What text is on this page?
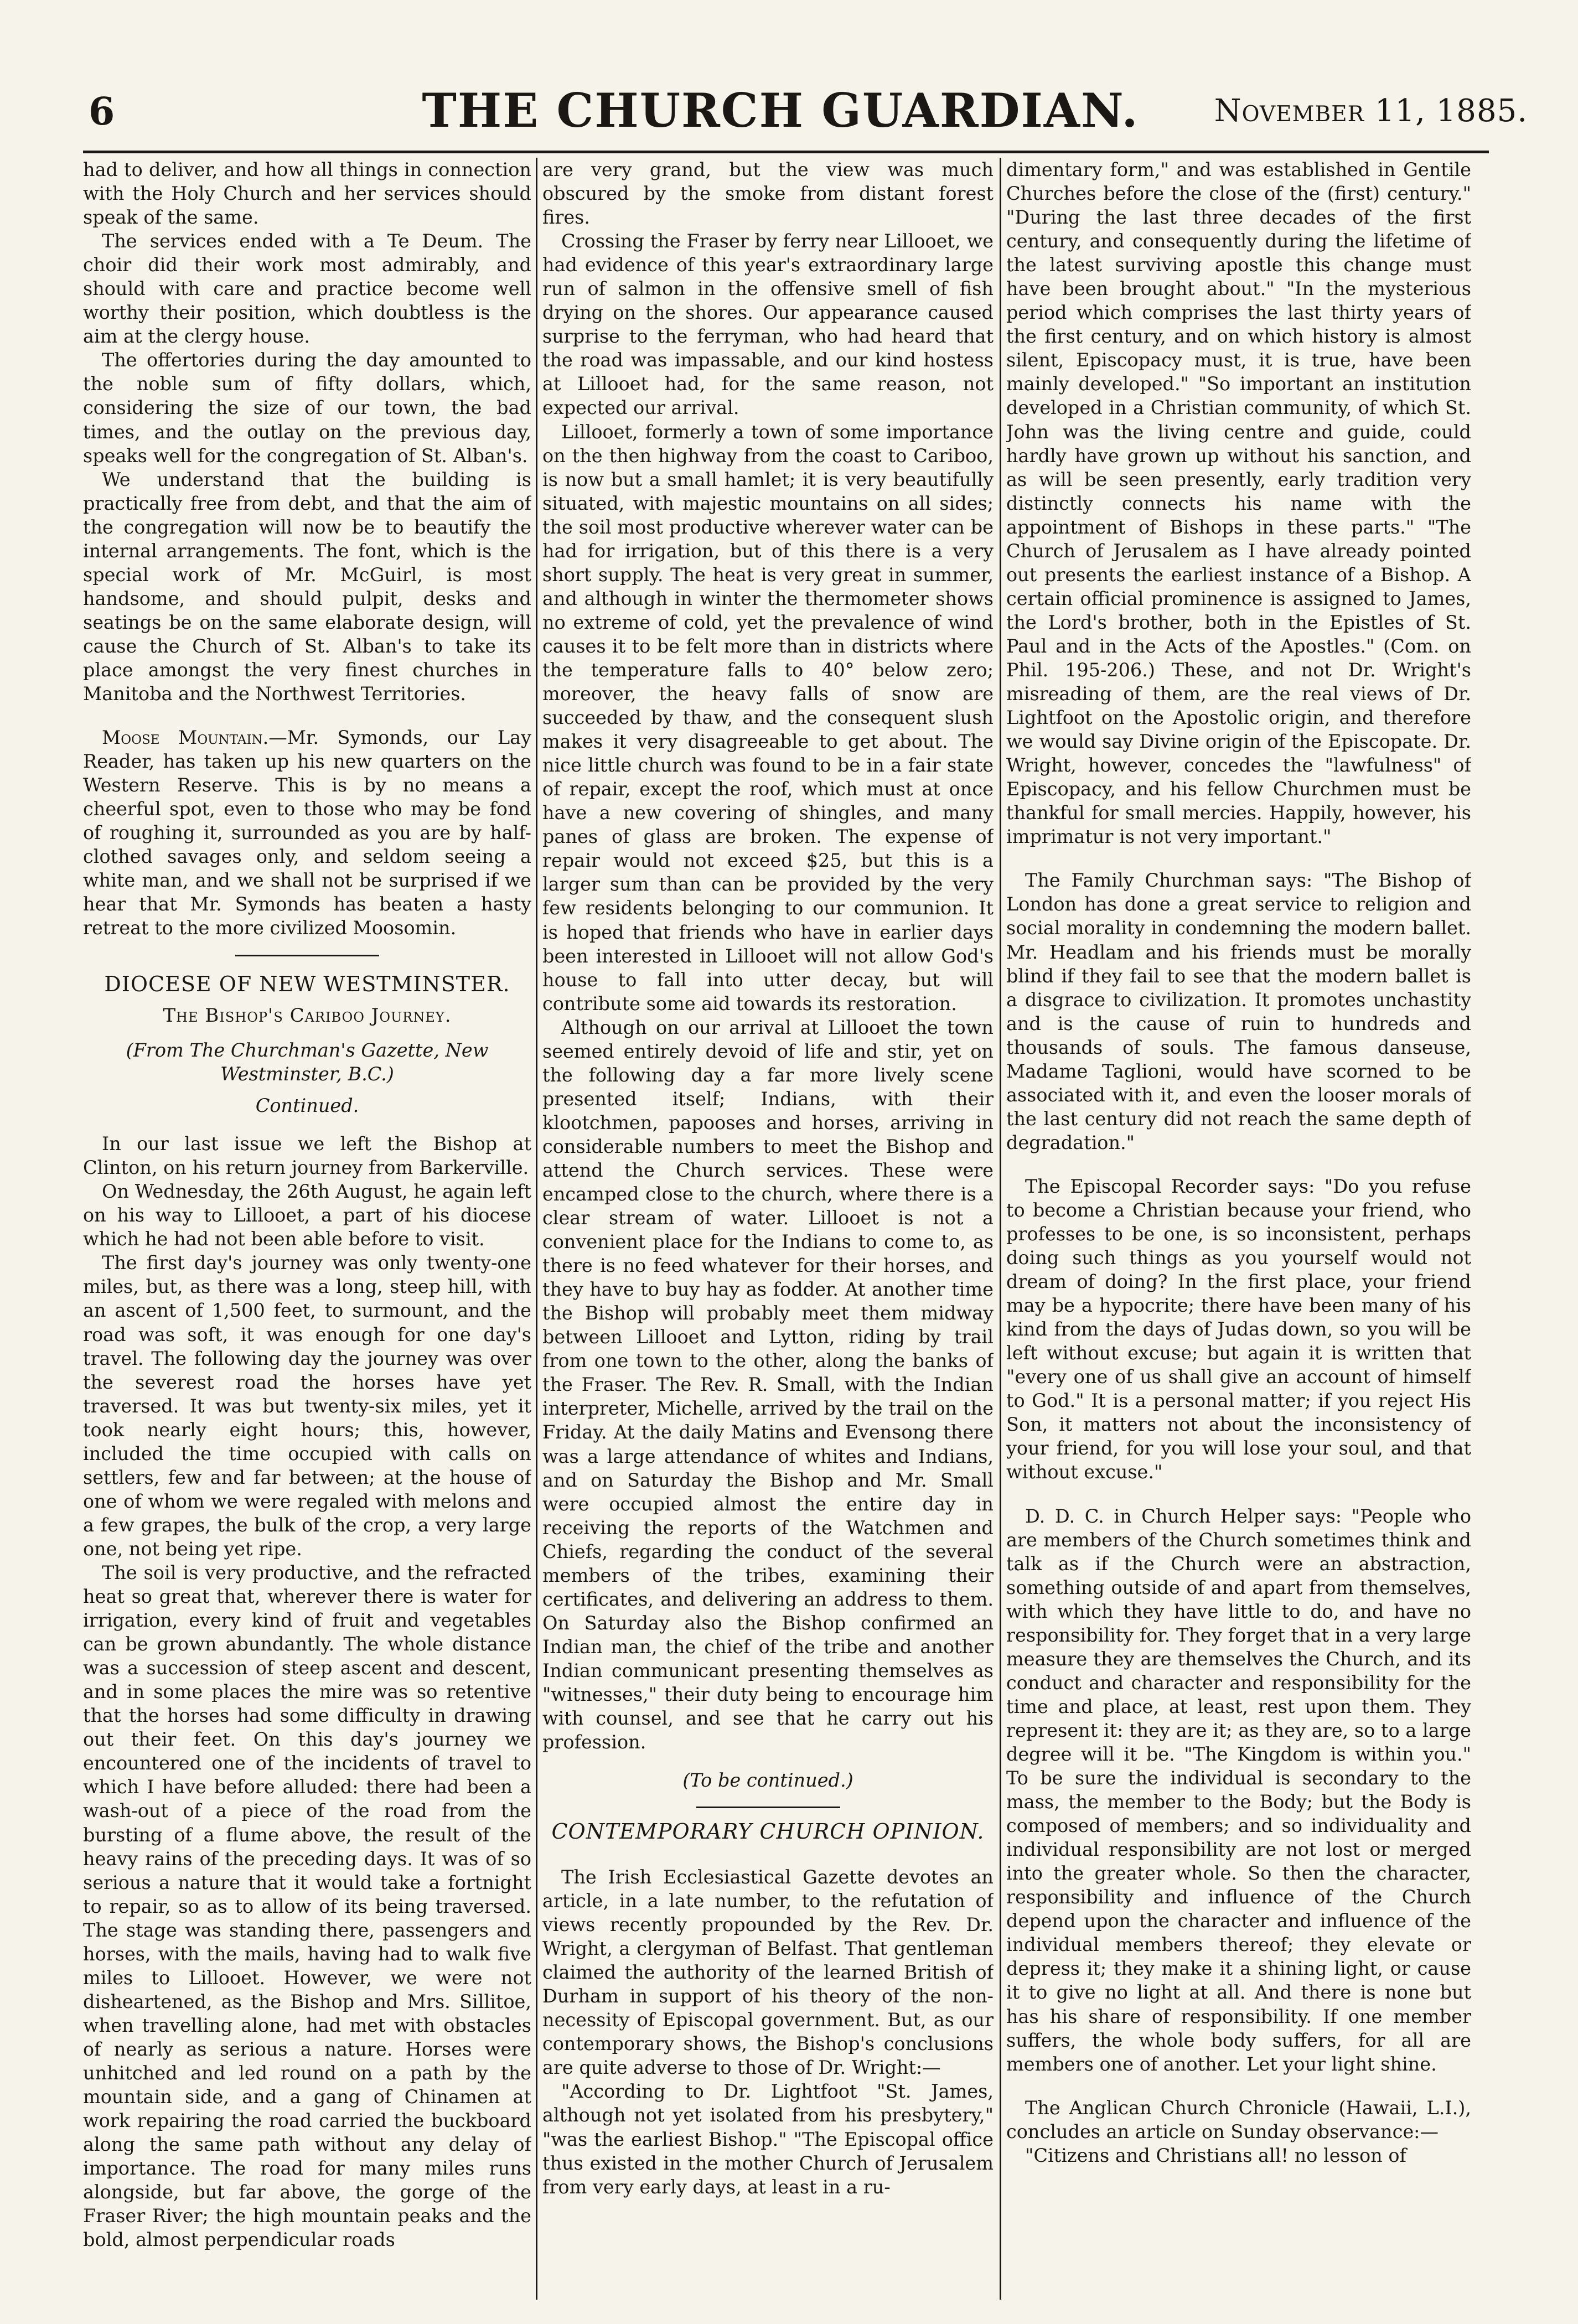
6	THE CHURCH GUARDIAN.	November 11, 1885.

had to deliver, and how all things in connection with the Holy Church and her services should speak of the same.

The services ended with a Te Deum. The choir did their work most admirably, and should with care and practice become well worthy their position, which doubtless is the aim at the clergy house.

The offertories during the day amounted to the noble sum of fifty dollars, which, considering the size of our town, the bad times, and the outlay on the previous day, speaks well for the congregation of St. Alban's.

We understand that the building is practically free from debt, and that the aim of the congregation will now be to beautify the internal arrangements. The font, which is the special work of Mr. McGuirl, is most handsome, and should pulpit, desks and seatings be on the same elaborate design, will cause the Church of St. Alban's to take its place amongst the very finest churches in Manitoba and the Northwest Territories.

Moose Mountain.—Mr. Symonds, our Lay Reader, has taken up his new quarters on the Western Reserve. This is by no means a cheerful spot, even to those who may be fond of roughing it, surrounded as you are by half-clothed savages only, and seldom seeing a white man, and we shall not be surprised if we hear that Mr. Symonds has beaten a hasty retreat to the more civilized Moosomin.

DIOCESE OF NEW WESTMINSTER.
The Bishop's Cariboo Journey.
(From The Churchman's Gazette, New Westminster, B.C.)
Continued.

In our last issue we left the Bishop at Clinton, on his return journey from Barkerville.

On Wednesday, the 26th August, he again left on his way to Lillooet, a part of his diocese which he had not been able before to visit.

The first day's journey was only twenty-one miles, but, as there was a long, steep hill, with an ascent of 1,500 feet, to surmount, and the road was soft, it was enough for one day's travel. The following day the journey was over the severest road the horses have yet traversed. It was but twenty-six miles, yet it took nearly eight hours; this, however, included the time occupied with calls on settlers, few and far between; at the house of one of whom we were regaled with melons and a few grapes, the bulk of the crop, a very large one, not being yet ripe.

The soil is very productive, and the refracted heat so great that, wherever there is water for irrigation, every kind of fruit and vegetables can be grown abundantly. The whole distance was a succession of steep ascent and descent, and in some places the mire was so retentive that the horses had some difficulty in drawing out their feet. On this day's journey we encountered one of the incidents of travel to which I have before alluded: there had been a wash-out of a piece of the road from the bursting of a flume above, the result of the heavy rains of the preceding days. It was of so serious a nature that it would take a fortnight to repair, so as to allow of its being traversed. The stage was standing there, passengers and horses, with the mails, having had to walk five miles to Lillooet. However, we were not disheartened, as the Bishop and Mrs. Sillitoe, when travelling alone, had met with obstacles of nearly as serious a nature. Horses were unhitched and led round on a path by the mountain side, and a gang of Chinamen at work repairing the road carried the buckboard along the same path without any delay of importance. The road for many miles runs alongside, but far above, the gorge of the Fraser River; the high mountain peaks and the bold, almost perpendicular roads

are very grand, but the view was much obscured by the smoke from distant forest fires.

Crossing the Fraser by ferry near Lillooet, we had evidence of this year's extraordinary large run of salmon in the offensive smell of fish drying on the shores. Our appearance caused surprise to the ferryman, who had heard that the road was impassable, and our kind hostess at Lillooet had, for the same reason, not expected our arrival.

Lillooet, formerly a town of some importance on the then highway from the coast to Cariboo, is now but a small hamlet; it is very beautifully situated, with majestic mountains on all sides; the soil most productive wherever water can be had for irrigation, but of this there is a very short supply. The heat is very great in summer, and although in winter the thermometer shows no extreme of cold, yet the prevalence of wind causes it to be felt more than in districts where the temperature falls to 40° below zero; moreover, the heavy falls of snow are succeeded by thaw, and the consequent slush makes it very disagreeable to get about. The nice little church was found to be in a fair state of repair, except the roof, which must at once have a new covering of shingles, and many panes of glass are broken. The expense of repair would not exceed $25, but this is a larger sum than can be provided by the very few residents belonging to our communion. It is hoped that friends who have in earlier days been interested in Lillooet will not allow God's house to fall into utter decay, but will contribute some aid towards its restoration.

Although on our arrival at Lillooet the town seemed entirely devoid of life and stir, yet on the following day a far more lively scene presented itself; Indians, with their klootchmen, papooses and horses, arriving in considerable numbers to meet the Bishop and attend the Church services. These were encamped close to the church, where there is a clear stream of water. Lillooet is not a convenient place for the Indians to come to, as there is no feed whatever for their horses, and they have to buy hay as fodder. At another time the Bishop will probably meet them midway between Lillooet and Lytton, riding by trail from one town to the other, along the banks of the Fraser. The Rev. R. Small, with the Indian interpreter, Michelle, arrived by the trail on the Friday. At the daily Matins and Evensong there was a large attendance of whites and Indians, and on Saturday the Bishop and Mr. Small were occupied almost the entire day in receiving the reports of the Watchmen and Chiefs, regarding the conduct of the several members of the tribes, examining their certificates, and delivering an address to them. On Saturday also the Bishop confirmed an Indian man, the chief of the tribe and another Indian communicant presenting themselves as "witnesses," their duty being to encourage him with counsel, and see that he carry out his profession.

(To be continued.)
CONTEMPORARY CHURCH OPINION.

The Irish Ecclesiastical Gazette devotes an article, in a late number, to the refutation of views recently propounded by the Rev. Dr. Wright, a clergyman of Belfast. That gentleman claimed the authority of the learned British of Durham in support of his theory of the non-necessity of Episcopal government. But, as our contemporary shows, the Bishop's conclusions are quite adverse to those of Dr. Wright:—

"According to Dr. Lightfoot "St. James, although not yet isolated from his presbytery," "was the earliest Bishop." "The Episcopal office thus existed in the mother Church of Jerusalem from very early days, at least in a ru-

dimentary form," and was established in Gentile Churches before the close of the (first) century." "During the last three decades of the first century, and consequently during the lifetime of the latest surviving apostle this change must have been brought about." "In the mysterious period which comprises the last thirty years of the first century, and on which history is almost silent, Episcopacy must, it is true, have been mainly developed." "So important an institution developed in a Christian community, of which St. John was the living centre and guide, could hardly have grown up without his sanction, and as will be seen presently, early tradition very distinctly connects his name with the appointment of Bishops in these parts." "The Church of Jerusalem as I have already pointed out presents the earliest instance of a Bishop. A certain official prominence is assigned to James, the Lord's brother, both in the Epistles of St. Paul and in the Acts of the Apostles." (Com. on Phil. 195-206.) These, and not Dr. Wright's misreading of them, are the real views of Dr. Lightfoot on the Apostolic origin, and therefore we would say Divine origin of the Episcopate. Dr. Wright, however, concedes the "lawfulness" of Episcopacy, and his fellow Churchmen must be thankful for small mercies. Happily, however, his imprimatur is not very important."

The Family Churchman says: "The Bishop of London has done a great service to religion and social morality in condemning the modern ballet. Mr. Headlam and his friends must be morally blind if they fail to see that the modern ballet is a disgrace to civilization. It promotes unchastity and is the cause of ruin to hundreds and thousands of souls. The famous danseuse, Madame Taglioni, would have scorned to be associated with it, and even the looser morals of the last century did not reach the same depth of degradation."

The Episcopal Recorder says: "Do you refuse to become a Christian because your friend, who professes to be one, is so inconsistent, perhaps doing such things as you yourself would not dream of doing? In the first place, your friend may be a hypocrite; there have been many of his kind from the days of Judas down, so you will be left without excuse; but again it is written that "every one of us shall give an account of himself to God." It is a personal matter; if you reject His Son, it matters not about the inconsistency of your friend, for you will lose your soul, and that without excuse."

D. D. C. in Church Helper says: "People who are members of the Church sometimes think and talk as if the Church were an abstraction, something outside of and apart from themselves, with which they have little to do, and have no responsibility for. They forget that in a very large measure they are themselves the Church, and its conduct and character and responsibility for the time and place, at least, rest upon them. They represent it: they are it; as they are, so to a large degree will it be. "The Kingdom is within you." To be sure the individual is secondary to the mass, the member to the Body; but the Body is composed of members; and so individuality and individual responsibility are not lost or merged into the greater whole. So then the character, responsibility and influence of the Church depend upon the character and influence of the individual members thereof; they elevate or depress it; they make it a shining light, or cause it to give no light at all. And there is none but has his share of responsibility. If one member suffers, the whole body suffers, for all are members one of another. Let your light shine.

The Anglican Church Chronicle (Hawaii, L.I.), concludes an article on Sunday observance:—

"Citizens and Christians all! no lesson of
